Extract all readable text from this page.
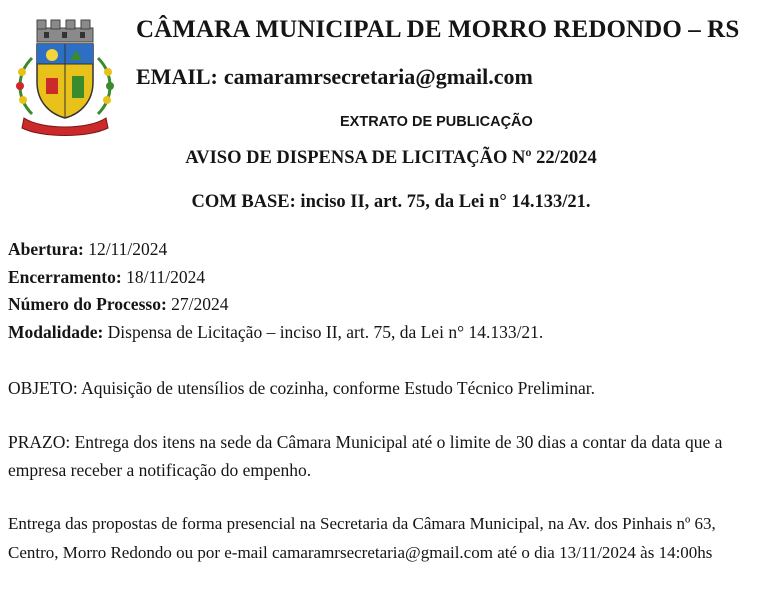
CÂMARA MUNICIPAL DE MORRO REDONDO – RS
EMAIL: camaramrsecretaria@gmail.com
EXTRATO DE PUBLICAÇÃO
AVISO DE DISPENSA DE LICITAÇÃO Nº 22/2024
COM BASE: inciso II, art. 75, da Lei n° 14.133/21.
Abertura: 12/11/2024
Encerramento: 18/11/2024
Número do Processo: 27/2024
Modalidade: Dispensa de Licitação – inciso II, art. 75, da Lei n° 14.133/21.
OBJETO: Aquisição de utensílios de cozinha, conforme Estudo Técnico Preliminar.
PRAZO: Entrega dos itens na sede da Câmara Municipal até o limite de 30 dias a contar da data que a empresa receber a notificação do empenho.
Entrega das propostas de forma presencial na Secretaria da Câmara Municipal, na Av. dos Pinhais nº 63, Centro, Morro Redondo ou por e-mail camaramrsecretaria@gmail.com até o dia 13/11/2024 às 14:00hs
